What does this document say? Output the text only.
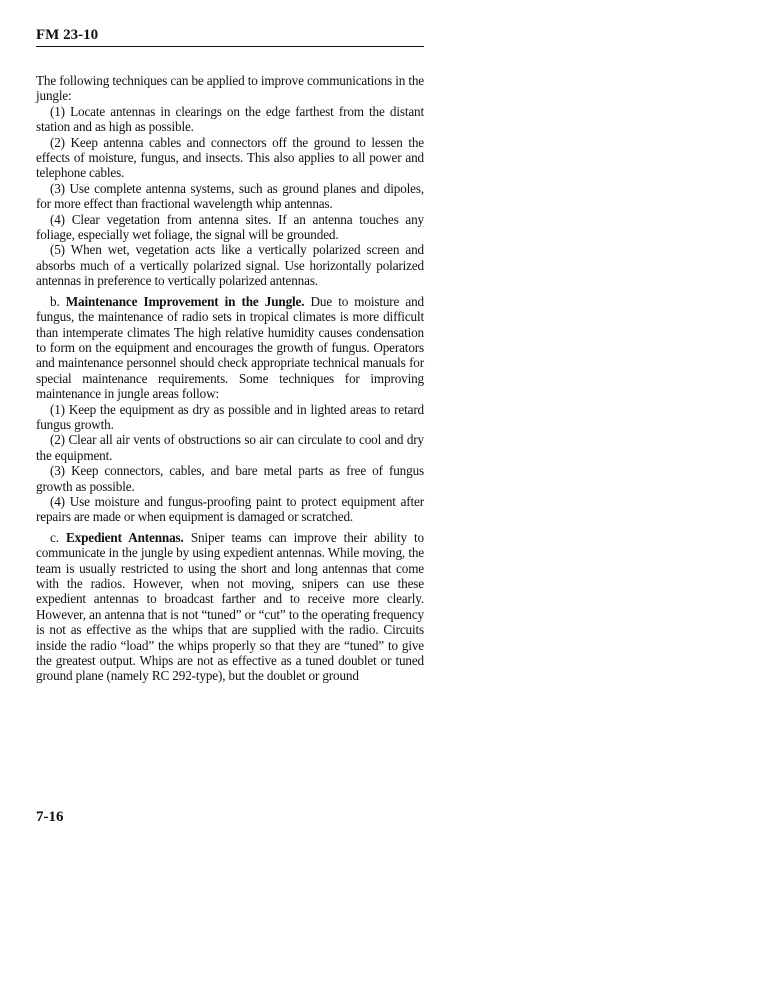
FM 23-10

The following techniques can be applied to improve communications in the jungle:

(1) Locate antennas in clearings on the edge farthest from the distant station and as high as possible.

(2) Keep antenna cables and connectors off the ground to lessen the effects of moisture, fungus, and insects. This also applies to all power and telephone cables.

(3) Use complete antenna systems, such as ground planes and dipoles, for more effect than fractional wavelength whip antennas.

(4) Clear vegetation from antenna sites. If an antenna touches any foliage, especially wet foliage, the signal will be grounded.

(5) When wet, vegetation acts like a vertically polarized screen and absorbs much of a vertically polarized signal. Use horizontally polarized antennas in preference to vertically polarized antennas.

b. Maintenance Improvement in the Jungle. Due to moisture and fungus, the maintenance of radio sets in tropical climates is more difficult than intemperate climates The high relative humidity causes condensation to form on the equipment and encourages the growth of fungus. Operators and maintenance personnel should check appropriate technical manuals for special maintenance requirements. Some techniques for improving maintenance in jungle areas follow:

(1) Keep the equipment as dry as possible and in lighted areas to retard fungus growth.

(2) Clear all air vents of obstructions so air can circulate to cool and dry the equipment.

(3) Keep connectors, cables, and bare metal parts as free of fungus growth as possible.

(4) Use moisture and fungus-proofing paint to protect equipment after repairs are made or when equipment is damaged or scratched.

c. Expedient Antennas. Sniper teams can improve their ability to communicate in the jungle by using expedient antennas. While moving, the team is usually restricted to using the short and long antennas that come with the radios. However, when not moving, snipers can use these expedient antennas to broadcast farther and to receive more clearly. However, an antenna that is not “tuned” or “cut” to the operating frequency is not as effective as the whips that are supplied with the radio. Circuits inside the radio “load” the whips properly so that they are “tuned” to give the greatest output. Whips are not as effective as a tuned doublet or tuned ground plane (namely RC 292-type), but the doublet or ground

7-16
